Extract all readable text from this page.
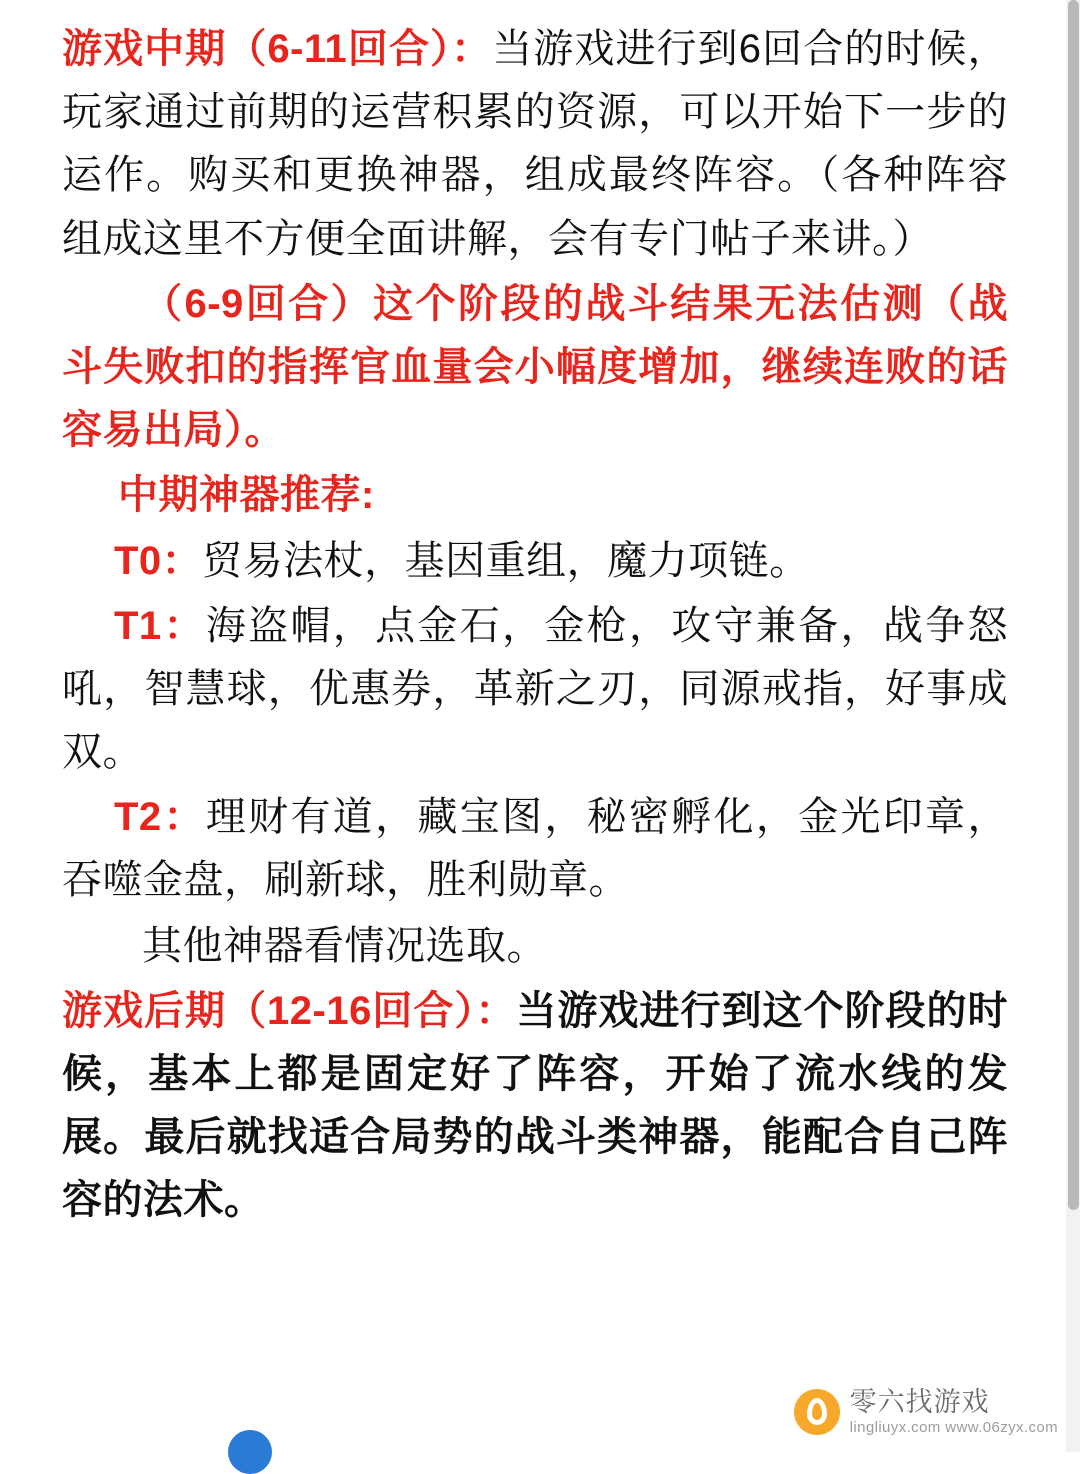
游戏中期（6-11回合）：当游戏进行到6回合的时候，玩家通过前期的运营积累的资源，可以开始下一步的运作。购买和更换神器，组成最终阵容。（各种阵容组成这里不方便全面讲解，会有专门帖子来讲。）

（6-9回合）这个阶段的战斗结果无法估测（战斗失败扣的指挥官血量会小幅度增加，继续连败的话容易出局）。

中期神器推荐:

T0：贸易法杖，基因重组，魔力项链。

T1：海盗帽，点金石，金枪，攻守兼备，战争怒吼，智慧球，优惠券，革新之刃，同源戒指，好事成双。

T2：理财有道，藏宝图，秘密孵化，金光印章，吞噬金盘，刷新球，胜利勋章。

其他神器看情况选取。

游戏后期（12-16回合）：当游戏进行到这个阶段的时候，基本上都是固定好了阵容，开始了流水线的发展。最后就找适合局势的战斗类神器，能配合自己阵容的法术。

零六找游戏
lingliuyx.com www.06zyx.com
